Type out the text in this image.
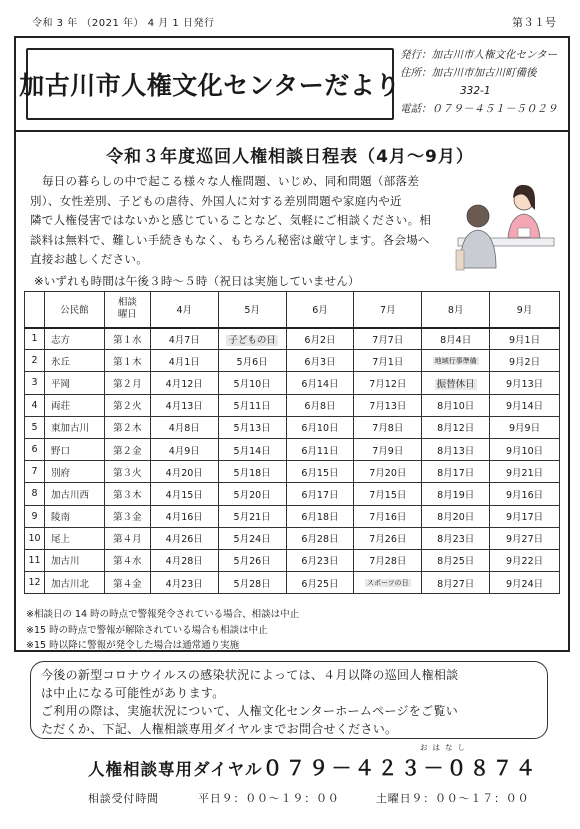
令和 3 年 （2021 年） 4 月 1 日発行	第３１号
加古川市人権文化センターだより
発行：加古川市人権文化センター
住所：加古川市加古川町備後
332-1
電話：０７９－４５１－５０２９
令和３年度巡回人権相談日程表（4月～9月）
毎日の暮らしの中で起こる様々な人権問題、いじめ、同和問題（部落差
別）、女性差別、子どもの虐待、外国人に対する差別問題や家庭内や近
隣で人権侵害ではないかと感じていることなど、気軽にご相談ください。相
談料は無料で、難しい手続きもなく、もちろん秘密は厳守します。各会場へ
直接お越しください。
※いずれも時間は午後３時～５時（祝日は実施していません）
	公民館	相談曜日	4月	5月	6月	7月	8月	9月
1	志方	第１水	4月7日	子どもの日	6月2日	7月7日	8月4日	9月1日
2	氷丘	第１木	4月1日	5月6日	6月3日	7月1日	地域行事準備	9月2日
3	平岡	第２月	4月12日	5月10日	6月14日	7月12日	振替休日	9月13日
4	両荘	第２火	4月13日	5月11日	6月8日	7月13日	8月10日	9月14日
5	東加古川	第２木	4月8日	5月13日	6月10日	7月8日	8月12日	9月9日
6	野口	第２金	4月9日	5月14日	6月11日	7月9日	8月13日	9月10日
7	別府	第３火	4月20日	5月18日	6月15日	7月20日	8月17日	9月21日
8	加古川西	第３木	4月15日	5月20日	6月17日	7月15日	8月19日	9月16日
9	陵南	第３金	4月16日	5月21日	6月18日	7月16日	8月20日	9月17日
10	尾上	第４月	4月26日	5月24日	6月28日	7月26日	8月23日	9月27日
11	加古川	第４水	4月28日	5月26日	6月23日	7月28日	8月25日	9月22日
12	加古川北	第４金	4月23日	5月28日	6月25日	スポーツの日	8月27日	9月24日
※相談日の 14 時の時点で警報発令されている場合、相談は中止
※15 時の時点で警報が解除されている場合も相談は中止
※15 時以降に警報が発令した場合は通常通り実施
今後の新型コロナウイルスの感染状況によっては、４月以降の巡回人権相談
は中止になる可能性があります。
ご利用の際は、実施状況について、人権文化センターホームページをご覧い
ただくか、下記、人権相談専用ダイヤルまでお問合せください。
おはなし
人権相談専用ダイヤル０７９－４２３－０８７４
相談受付時間	平日９：００～１９：００	土曜日９：００～１７：００
